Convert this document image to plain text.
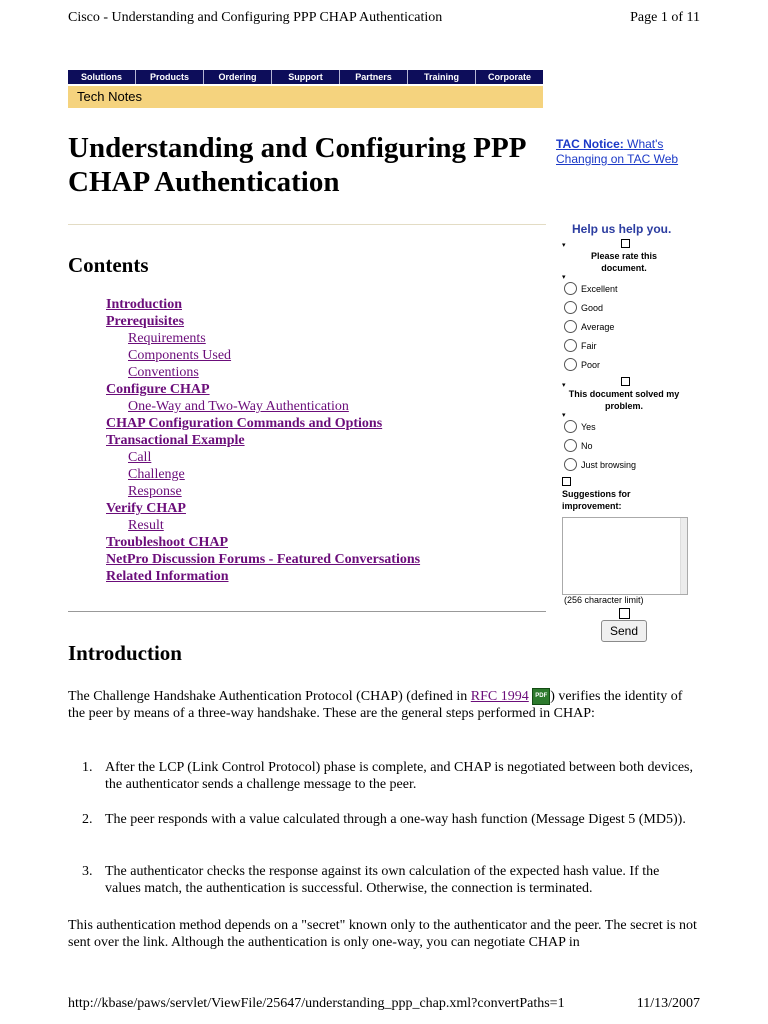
Cisco - Understanding and Configuring PPP CHAP Authentication	Page 1 of 11
Solutions	Products	Ordering	Support	Partners	Training	Corporate
Tech Notes
Understanding and Configuring PPP CHAP Authentication
Contents
Introduction
Prerequisites
Requirements
Components Used
Conventions
Configure CHAP
One-Way and Two-Way Authentication
CHAP Configuration Commands and Options
Transactional Example
Call
Challenge
Response
Verify CHAP
Result
Troubleshoot CHAP
NetPro Discussion Forums - Featured Conversations
Related Information
TAC Notice: What's Changing on TAC Web
Help us help you.
▾
Please rate this document.
▾
Excellent
Good
Average
Fair
Poor
▾
This document solved my problem.
▾
Yes
No
Just browsing
Suggestions for improvement:
(256 character limit)
Send
Introduction
The Challenge Handshake Authentication Protocol (CHAP) (defined in RFC 1994 PDF ) verifies the identity of the peer by means of a three-way handshake. These are the general steps performed in CHAP:
1. After the LCP (Link Control Protocol) phase is complete, and CHAP is negotiated between both devices, the authenticator sends a challenge message to the peer.
2. The peer responds with a value calculated through a one-way hash function (Message Digest 5 (MD5)).
3. The authenticator checks the response against its own calculation of the expected hash value. If the values match, the authentication is successful. Otherwise, the connection is terminated.
This authentication method depends on a "secret" known only to the authenticator and the peer. The secret is not sent over the link. Although the authentication is only one-way, you can negotiate CHAP in
http://kbase/paws/servlet/ViewFile/25647/understanding_ppp_chap.xml?convertPaths=1	11/13/2007
